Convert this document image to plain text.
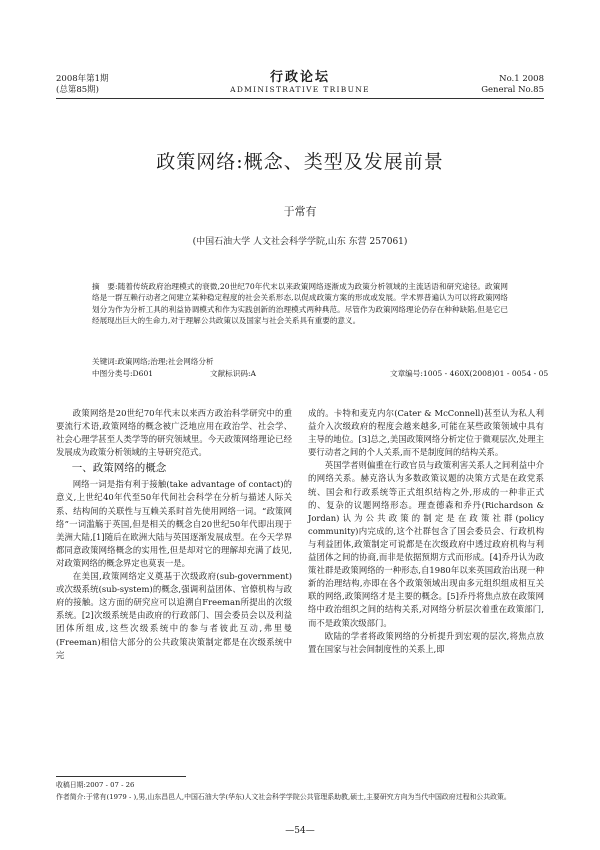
2008年第1期
(总第85期)
行政论坛
ADMINISTRATIVE TRIBUNE
No.1 2008
General No.85
政策网络:概念、类型及发展前景
于常有
(中国石油大学 人文社会科学学院,山东 东营 257061)

摘　要:随着传统政府治理模式的衰微,20世纪70年代末以来政策网络逐渐成为政策分析领域的主流话语和研究途径。政策网络是一群互赖行动者之间建立某种稳定程度的社会关系形态,以促成政策方案的形成或发展。学术界普遍认为可以将政策网络划分为作为分析工具的利益协调模式和作为实践创新的治理模式两种典范。尽管作为政策网络理论仍存在种种缺陷,但是它已经展现出巨大的生命力,对于理解公共政策以及国家与社会关系具有重要的意义。

关键词:政策网络;治理;社会网络分析
中图分类号:D601	文献标识码:A	文章编号:1005 - 460X(2008)01 - 0054 - 05

政策网络是20世纪70年代末以来西方政治科学研究中的重要流行术语,政策网络的概念被广泛地应用在政治学、社会学、社会心理学甚至人类学等的研究领域里。今天政策网络理论已经发展成为政策分析领域的主导研究范式。

一、政策网络的概念

网络一词是指有利于接触(take advantage of contact)的意义,上世纪40年代至50年代间社会科学在分析与描述人际关系、结构间的关联性与互赖关系时首先使用网络一词。“政策网络”一词滥觞于英国,但是相关的概念自20世纪50年代即出现于美洲大陆,[1]随后在欧洲大陆与英国逐渐发展成型。在今天学界都同意政策网络概念的实用性,但是却对它的理解却充满了歧见,对政策网络的概念界定也莫衷一是。

在美国,政策网络定义奠基于次级政府(sub-government)或次级系统(sub-system)的概念,强调利益团体、官僚机构与政府的接触。这方面的研究应可以追溯自Freeman所提出的次级系统。[2]次级系统是由政府的行政部门、国会委员会以及利益团体所组成,这些次级系统中的参与者彼此互动,弗里曼(Freeman)相信大部分的公共政策决策制定都是在次级系统中完

成的。卡特和麦克内尔(Cater & McConnell)甚至认为私人利益介入次级政府的程度会越来越多,可能在某些政策领域中具有主导的地位。[3]总之,美国政策网络分析定位于微观层次,处理主要行动者之间的个人关系,而不是制度间的结构关系。

英国学者则偏重在行政官员与政策利害关系人之间利益中介的网络关系。赫克洛认为多数政策议题的决策方式是在政党系统、国会和行政系统等正式组织结构之外,形成的一种非正式的、复杂的议题网络形态。理查德森和乔丹(Richardson & Jordan)认为公共政策的制定是在政策社群(policy community)内完成的,这个社群包含了国会委员会、行政机构与利益团体,政策制定可说都是在次级政府中透过政府机构与利益团体之间的协商,而非是依据预期方式而形成。[4]乔丹认为政策社群是政策网络的一种形态,自1980年以来英国政治出现一种新的治理结构,亦即在各个政策领域出现由多元组织组成相互关联的网络,政策网络才是主要的概念。[5]乔丹将焦点放在政策网络中政治组织之间的结构关系,对网络分析层次着重在政策部门,而不是政策次级部门。

欧陆的学者将政策网络的分析提升到宏观的层次,将焦点放置在国家与社会间制度性的关系上,即

收稿日期:2007 - 07 - 26
作者简介:于常有(1979 - ),男,山东昌邑人,中国石油大学(华东)人文社会科学学院公共管理系助教,硕士,主要研究方向为当代中国政府过程和公共政策。
—54—
